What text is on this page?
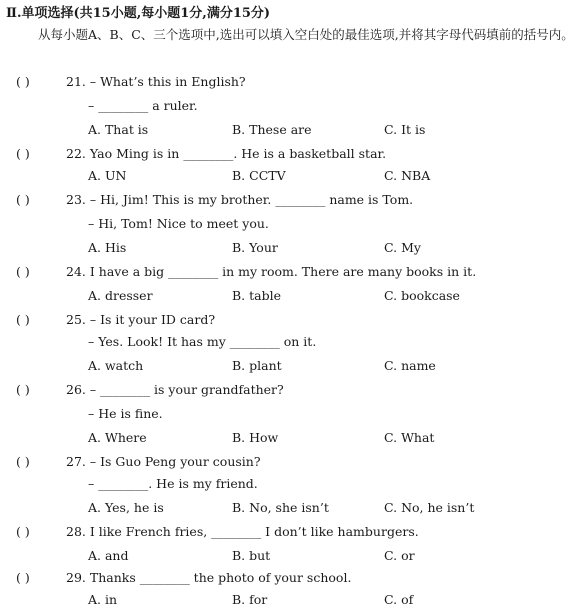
Ⅱ.单项选择(共15小题,每小题1分,满分15分)
从每小题A、B、C、三个选项中,选出可以填入空白处的最佳选项,并将其字母代码填前的括号内。
( )	21. – What’s this in English?
– ________ a ruler.
A. That is	B. These are	C. It is
( )	22. Yao Ming is in ________. He is a basketball star.
A. UN	B. CCTV	C. NBA
( )	23. – Hi, Jim! This is my brother. ________ name is Tom.
– Hi, Tom! Nice to meet you.
A. His	B. Your	C. My
( )	24. I have a big ________ in my room. There are many books in it.
A. dresser	B. table	C. bookcase
( )	25. – Is it your ID card?
– Yes. Look! It has my ________ on it.
A. watch	B. plant	C. name
( )	26. – ________ is your grandfather?
– He is fine.
A. Where	B. How	C. What
( )	27. – Is Guo Peng your cousin?
– ________. He is my friend.
A. Yes, he is	B. No, she isn’t	C. No, he isn’t
( )	28. I like French fries, ________ I don’t like hamburgers.
A. and	B. but	C. or
( )	29. Thanks ________ the photo of your school.
A. in	B. for	C. of
